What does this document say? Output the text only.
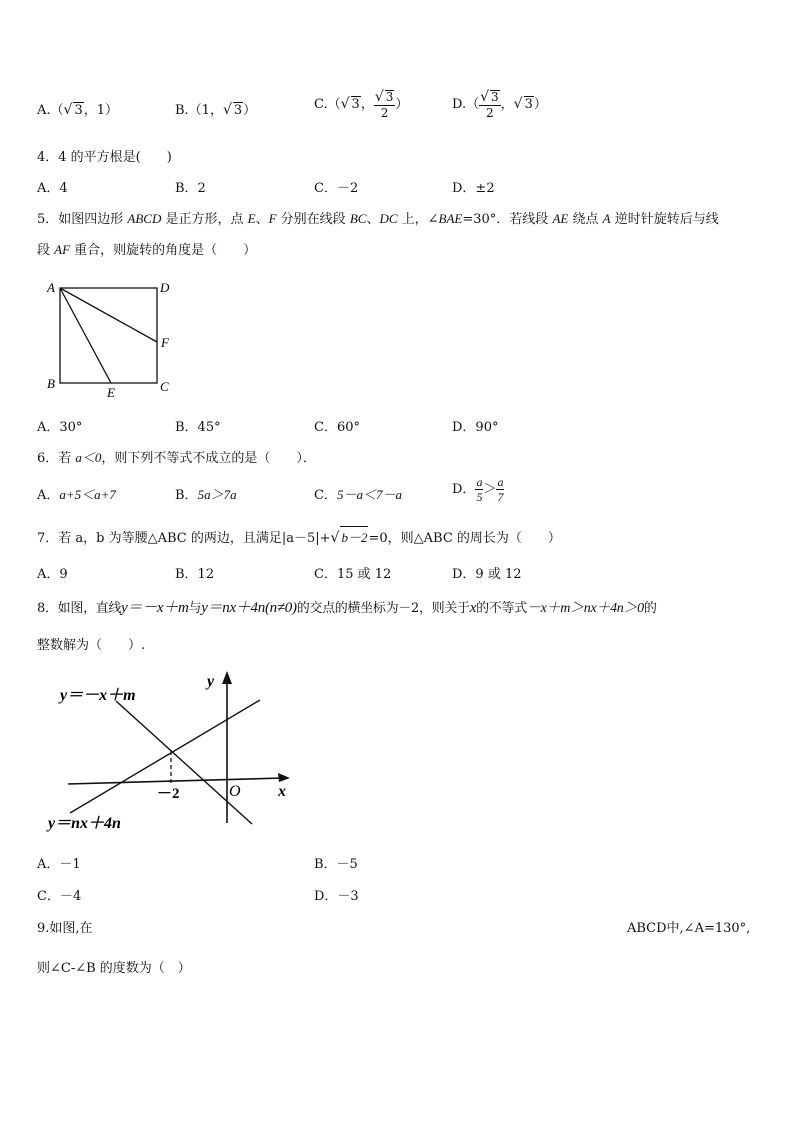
A.（√ 3，1）	B.（1，√ 3）	C.（√ 3， $\frac{√ 3}{2}$ ）	$D.( \frac{√ 3}{2}$ ，√ 3）
4．4 的平方根是(　　)
A．4	B．2	C．－2	D．±2
5．如图四边形 ABCD 是正方形，点 E、F 分别在线段 BC、DC 上，∠BAE=30°．若线段 AE 绕点 A 逆时针旋转后与线
段 AF 重合，则旋转的角度是（　　）
A	D
F
B	C
E
A．30°	B．45°	C．60°	D．90°
6．若 a＜0，则下列不等式不成立的是（　　）．
A．a+5＜a+7	B．5a＞7a	C．5－a＜7－a	D． $\frac{a}{5} > \frac{a}{7}$
7．若 a，b 为等腰△ABC 的两边，且满足|a－5|+√ b－2=0，则△ABC 的周长为（　　）
A．9	B．12	C．15 或 12	D．9 或 12
8．如图，直线y＝－x＋m与y＝nx＋4n(n≠0)的交点的横坐标为－2，则关于x的不等式－x＋m＞nx＋4n＞0的
整数解为（　　）.
y＝－x＋m
y＝nx＋4n
y
x
O
－2
A．－1	B．－5
C．－4	D．－3
9.如图,在	ABCD中,∠A=130°,
则∠C-∠B 的度数为（　）
